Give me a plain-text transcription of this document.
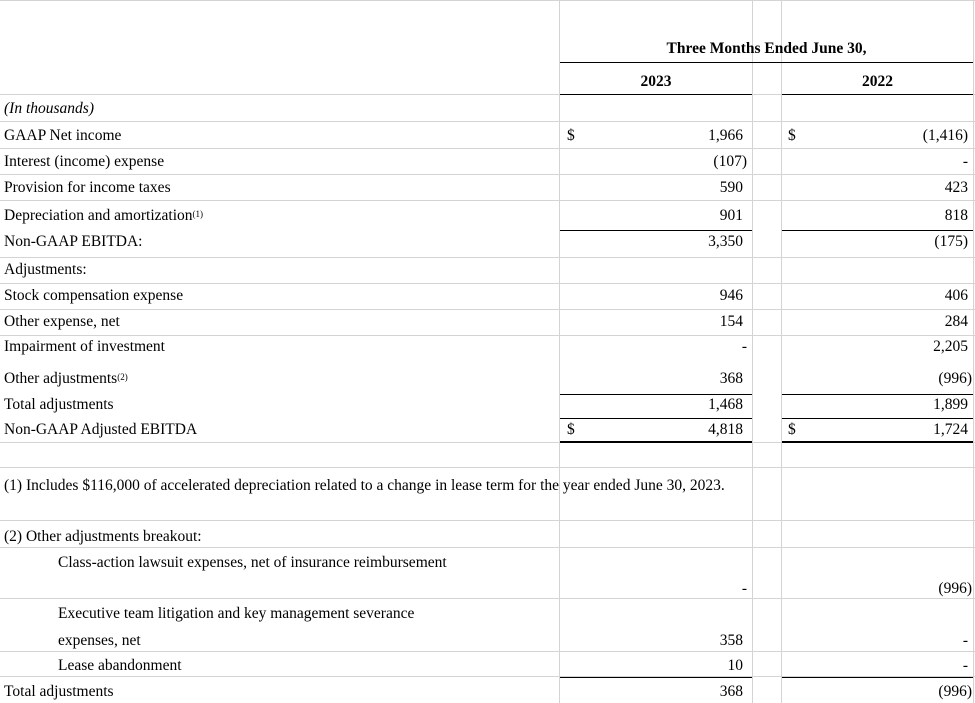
Three Months Ended June 30,
2023	2022
(In thousands)
GAAP Net income	$	1,966	$	(1,416)
Interest (income) expense	(107)	-
Provision for income taxes	590	423
Depreciation and amortization$^{(1)}$	901	818
Non-GAAP EBITDA:	3,350	(175)
Adjustments:
Stock compensation expense	946	406
Other expense, net	154	284
Impairment of investment	-	2,205
Other adjustments$^{(2)}$	368	(996)
Total adjustments	1,468	1,899
Non-GAAP Adjusted EBITDA	$	4,818	$	1,724
(1) Includes $116,000 of accelerated depreciation related to a change in lease term for the year ended June 30, 2023.
(2) Other adjustments breakout:
Class-action lawsuit expenses, net of insurance reimbursement
-	(996)
Executive team litigation and key management severance
expenses, net	358	-
Lease abandonment	10	-
Total adjustments	368	(996)
